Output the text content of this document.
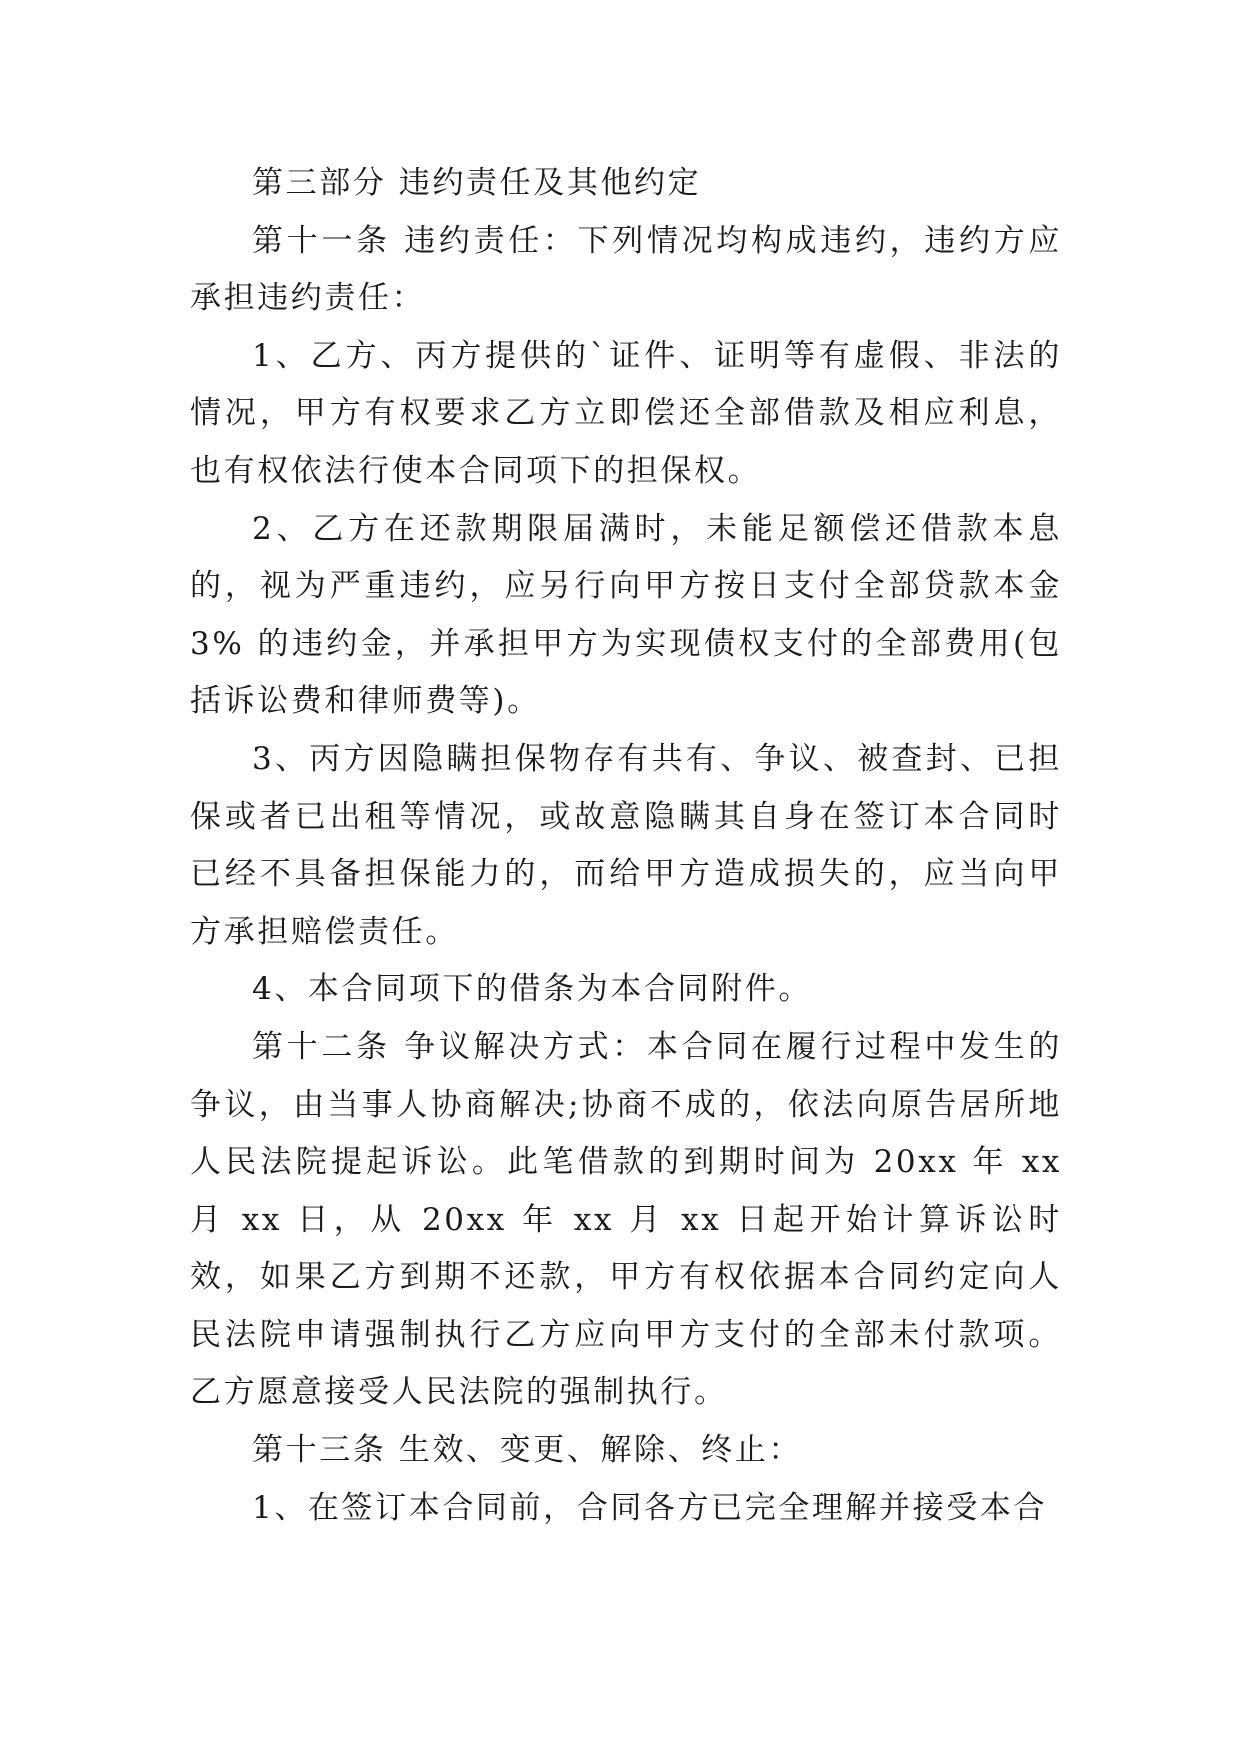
第三部分 违约责任及其他约定

第十一条 违约责任：下列情况均构成违约，违约方应承担违约责任：

1、乙方、丙方提供的`证件、证明等有虚假、非法的情况，甲方有权要求乙方立即偿还全部借款及相应利息，也有权依法行使本合同项下的担保权。

2、乙方在还款期限届满时，未能足额偿还借款本息的，视为严重违约，应另行向甲方按日支付全部贷款本金 3% 的违约金，并承担甲方为实现债权支付的全部费用(包括诉讼费和律师费等)。

3、丙方因隐瞒担保物存有共有、争议、被查封、已担保或者已出租等情况，或故意隐瞒其自身在签订本合同时已经不具备担保能力的，而给甲方造成损失的，应当向甲方承担赔偿责任。

4、本合同项下的借条为本合同附件。

第十二条 争议解决方式：本合同在履行过程中发生的争议，由当事人协商解决;协商不成的，依法向原告居所地人民法院提起诉讼。此笔借款的到期时间为 20xx 年 xx 月 xx 日，从 20xx 年 xx 月 xx 日起开始计算诉讼时效，如果乙方到期不还款，甲方有权依据本合同约定向人民法院申请强制执行乙方应向甲方支付的全部未付款项。乙方愿意接受人民法院的强制执行。

第十三条 生效、变更、解除、终止：

1、在签订本合同前，合同各方已完全理解并接受本合
